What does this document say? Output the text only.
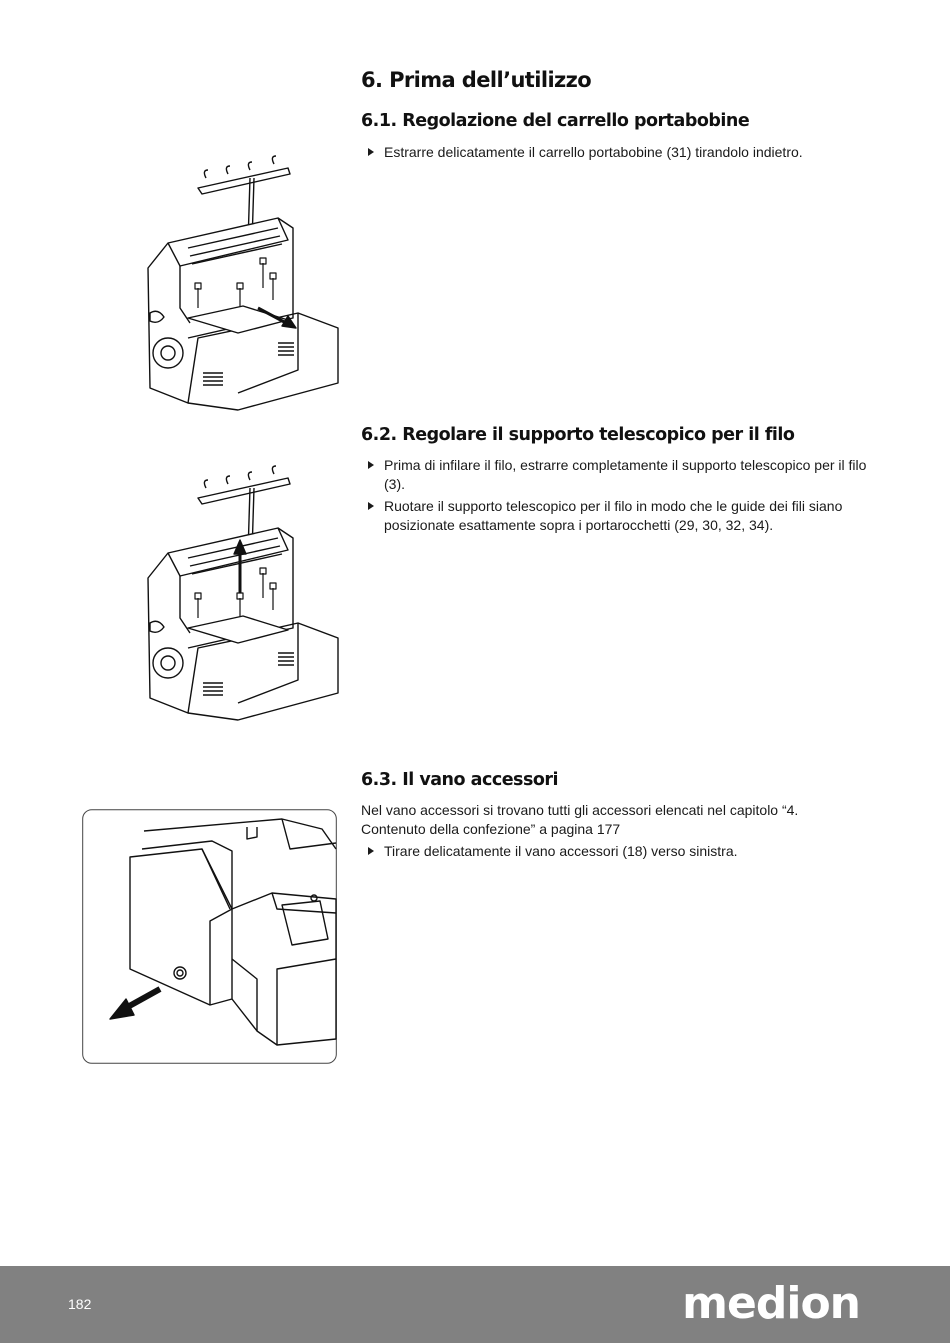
6. Prima dell’utilizzo
6.1. Regolazione del carrello portabobine
Estrarre delicatamente il carrello portabobine (31) tirandolo indietro.
6.2. Regolare il supporto telescopico per il filo
Prima di infilare il filo, estrarre completamente il supporto telescopico per il filo (3).
Ruotare il supporto telescopico per il filo in modo che le guide dei fili siano posizionate esattamente sopra i portarocchetti (29, 30, 32, 34).
6.3. Il vano accessori

Nel vano accessori si trovano tutti gli accessori elencati nel capitolo “4. Contenuto della confezione” a pagina 177

Tirare delicatamente il vano accessori (18) verso sinistra.
182	medion
